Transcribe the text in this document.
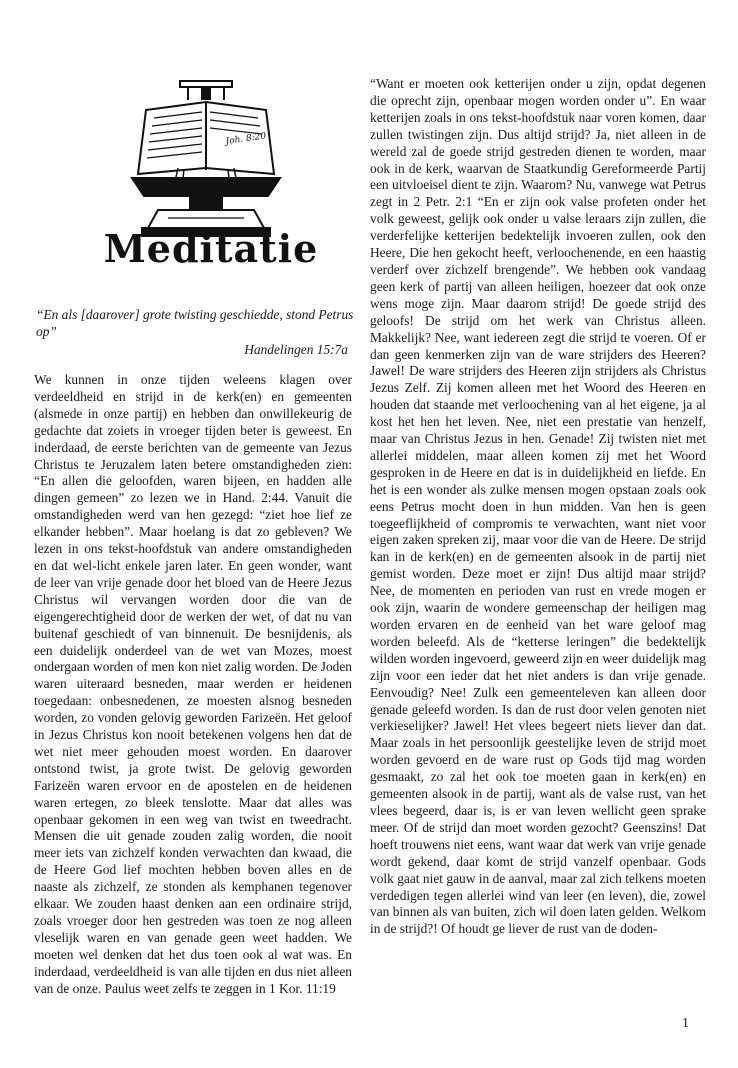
Joh. 8:20
Meditatie
“En als [daarover] grote twisting geschiedde, stond Petrus op”
Handelingen 15:7a

We kunnen in onze tijden weleens klagen over verdeeldheid en strijd in de kerk(en) en gemeenten (alsmede in onze partij) en hebben dan onwillekeurig de gedachte dat zoiets in vroeger tijden beter is geweest. En inderdaad, de eerste berichten van de gemeente van Jezus Christus te Jeruzalem laten betere omstandigheden zien: “En allen die geloofden, waren bijeen, en hadden alle dingen gemeen” zo lezen we in Hand. 2:44. Vanuit die omstandigheden werd van hen gezegd: “ziet hoe lief ze elkander hebben”. Maar hoelang is dat zo gebleven? We lezen in ons tekst-hoofdstuk van andere omstandigheden en dat wel-licht enkele jaren later. En geen wonder, want de leer van vrije genade door het bloed van de Heere Jezus Christus wil vervangen worden door die van de eigengerechtigheid door de werken der wet, of dat nu van buitenaf geschiedt of van binnenuit. De besnijdenis, als een duidelijk onderdeel van de wet van Mozes, moest ondergaan worden of men kon niet zalig worden. De Joden waren uiteraard besneden, maar werden er heidenen toegedaan: onbesnedenen, ze moesten alsnog besneden worden, zo vonden gelovig geworden Farizeën. Het geloof in Jezus Christus kon nooit betekenen volgens hen dat de wet niet meer gehouden moest worden. En daarover ontstond twist, ja grote twist. De gelovig geworden Farizeën waren ervoor en de apostelen en de heidenen waren ertegen, zo bleek tenslotte. Maar dat alles was openbaar gekomen in een weg van twist en tweedracht. Mensen die uit genade zouden zalig worden, die nooit meer iets van zichzelf konden verwachten dan kwaad, die de Heere God lief mochten hebben boven alles en de naaste als zichzelf, ze stonden als kemphanen tegenover elkaar. We zouden haast denken aan een ordinaire strijd, zoals vroeger door hen gestreden was toen ze nog alleen vleselijk waren en van genade geen weet hadden. We moeten wel denken dat het dus toen ook al wat was. En inderdaad, verdeeldheid is van alle tijden en dus niet alleen van de onze. Paulus weet zelfs te zeggen in 1 Kor. 11:19

“Want er moeten ook ketterijen onder u zijn, opdat degenen die oprecht zijn, openbaar mogen worden onder u”. En waar ketterijen zoals in ons tekst-hoofdstuk naar voren komen, daar zullen twistingen zijn. Dus altijd strijd? Ja, niet alleen in de wereld zal de goede strijd gestreden dienen te worden, maar ook in de kerk, waarvan de Staatkundig Gereformeerde Partij een uitvloeisel dient te zijn. Waarom? Nu, vanwege wat Petrus zegt in 2 Petr. 2:1 “En er zijn ook valse profeten onder het volk geweest, gelijk ook onder u valse leraars zijn zullen, die verderfelijke ketterijen bedektelijk invoeren zullen, ook den Heere, Die hen gekocht heeft, verloochenende, en een haastig verderf over zichzelf brengende”. We hebben ook vandaag geen kerk of partij van alleen heiligen, hoezeer dat ook onze wens moge zijn. Maar daarom strijd! De goede strijd des geloofs! De strijd om het werk van Christus alleen. Makkelijk? Nee, want iedereen zegt die strijd te voeren. Of er dan geen kenmerken zijn van de ware strijders des Heeren? Jawel! De ware strijders des Heeren zijn strijders als Christus Jezus Zelf. Zij komen alleen met het Woord des Heeren en houden dat staande met verloochening van al het eigene, ja al kost het hen het leven. Nee, niet een prestatie van henzelf, maar van Christus Jezus in hen. Genade! Zij twisten niet met allerlei middelen, maar alleen komen zij met het Woord gesproken in de Heere en dat is in duidelijkheid en liefde. En het is een wonder als zulke mensen mogen opstaan zoals ook eens Petrus mocht doen in hun midden. Van hen is geen toegeeflijkheid of compromis te verwachten, want niet voor eigen zaken spreken zij, maar voor die van de Heere. De strijd kan in de kerk(en) en de gemeenten alsook in de partij niet gemist worden. Deze moet er zijn! Dus altijd maar strijd? Nee, de momenten en perioden van rust en vrede mogen er ook zijn, waarin de wondere gemeenschap der heiligen mag worden ervaren en de eenheid van het ware geloof mag worden beleefd. Als de “ketterse leringen” die bedektelijk wilden worden ingevoerd, geweerd zijn en weer duidelijk mag zijn voor een ieder dat het niet anders is dan vrije genade. Eenvoudig? Nee! Zulk een gemeenteleven kan alleen door genade geleefd worden. Is dan de rust door velen genoten niet verkieselijker? Jawel! Het vlees begeert niets liever dan dat. Maar zoals in het persoonlijk geestelijke leven de strijd moet worden gevoerd en de ware rust op Gods tijd mag worden gesmaakt, zo zal het ook toe moeten gaan in kerk(en) en gemeenten alsook in de partij, want als de valse rust, van het vlees begeerd, daar is, is er van leven wellicht geen sprake meer. Of de strijd dan moet worden gezocht? Geenszins! Dat hoeft trouwens niet eens, want waar dat werk van vrije genade wordt gekend, daar komt de strijd vanzelf openbaar. Gods volk gaat niet gauw in de aanval, maar zal zich telkens moeten verdedigen tegen allerlei wind van leer (en leven), die, zowel van binnen als van buiten, zich wil doen laten gelden. Welkom in de strijd?! Of houdt ge liever de rust van de doden-

1
